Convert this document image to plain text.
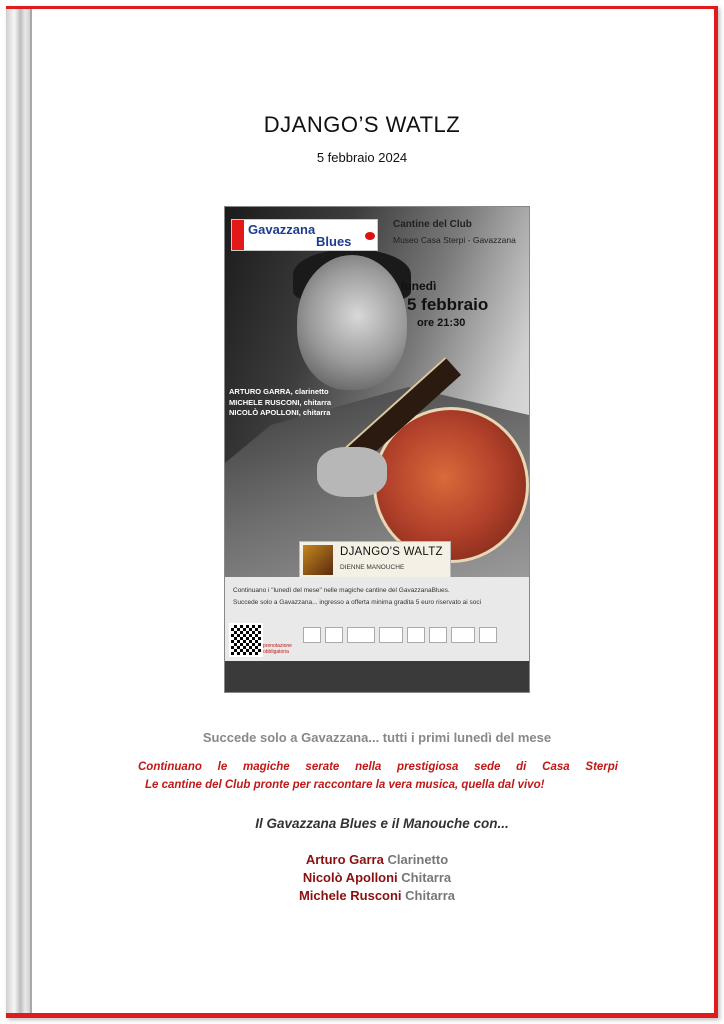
DJANGO’S WATLZ
5 febbraio 2024
Gavazzana
Blues
Cantine del Club
Museo Casa Sterpi - Gavazzana
lunedì
5 febbraio
ore 21:30
ARTURO GARRA, clarinetto
MICHELE RUSCONI, chitarra
NICOLÒ APOLLONI, chitarra
DJANGO'S WALTZ
DIENNE MANOUCHE
Continuano i "lunedì del mese" nelle magiche cantine del GavazzanaBlues.
Succede solo a Gavazzana... ingresso a offerta minima gradita 5 euro riservato ai soci
prenotazione obbligatoria
Succede solo a Gavazzana... tutti i primi lunedì del mese
Continuano le magiche serate nella prestigiosa sede di Casa Sterpi
Le cantine del Club pronte per raccontare la vera musica, quella dal vivo!
Il Gavazzana Blues e il Manouche con...
Arturo Garra Clarinetto
Nicolò Apolloni Chitarra
Michele Rusconi Chitarra
